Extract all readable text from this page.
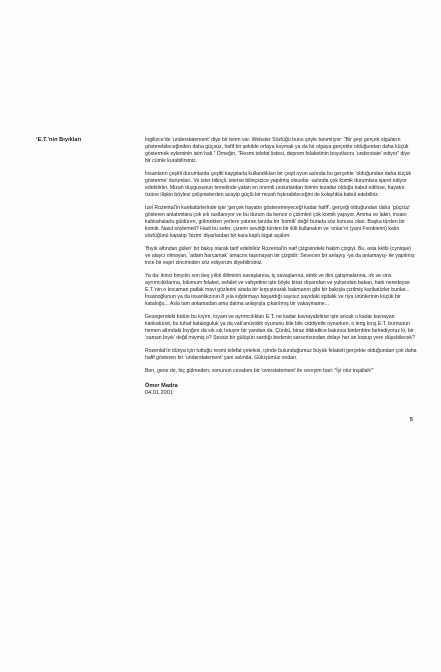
‘E.T.’nin Bıyıkları	İngilizce’de ‘understatement’ diye bir terim var. Webster Sözlüğü bunu şöyle tanımlıyor: “Bir şeyi gerçek olguların gösterebileceğinden daha güçsüz, hafif bir şekilde ortaya koymak ya da bir olgaya gerçekte olduğundan daha küçük göstermek eyleminin isim hali.” Örneğin, “Resmi telefat listesi, deprem felaketinin boyutlarını ‘understate’ ediyor” diye bir cümle kurabilirsiniz.

İnsanların çeşitli durumlarda çeşitli kaygılarla kullandıkları bir çeşit oyun aslında bu gerçekte ‘olduğundan daha küçük gösterme’ durumları. Ve ister bilinçli, isterse bilinçsizce yapılmış olsunlar -aslında çok komik durumlara işaret ediyor edebilirler. Mizah duygusunun temelinde yatan en önemli unsurlardan birinin tezatlar olduğu kabul edilirse, hayatın özüne ilişkin böylesi çelişmelerden acayip güçlü bir mizah fışkırabileceğini de kolaylıkla kabul edebiliriz.

İzel Rozental’in karikatürlerinde işte ‘gerçek hayatın gösteremeyeceği kadar hafif’, gerçeği olduğundan daha ‘güçsüz’ gösteren anlatımlara çok sık rastlanıyor ve bu durum da bence o çizimleri çok komik yapıyor. Amma ve lakin, insanı kahkahalarla güldüren, gülmekten yerlere yatıran tarzda bir ‘komik’ değil burada söz konusu olan. Başka türden bir komik. Nasıl söylemeli? Hadi bu sefer, çizerin sevdiği türden bir ikili kullanalım ve ‘onlar’ın (yani Frenklerin) kalın sözlüğünü kapatıp ‘bizim’ diyarlardan bir kara kaplı lügat açalım:

‘Bıyık altından gülen’ bir bakış olarak tarif edebiliriz Rozental’in naif çizgisindeki hakim çizgiyi. Bu, asla kelbi (cynique) ve alaycı olmayan, ‘adam harcamak’ amacını taşımayan bir çizgidir: Sevecen bir anlayış -ya da anlamayış- ile yapılmış ince bir espri zincirinden söz ediyorum diyebilirsiniz.

Ya da: ikinci binyılın son beş yıllık diliminin savaşlarına, iç savaşlarına, etnik ve dini çatışmalarına, ırk ve cins ayrımcılıklarına, bilumum felaket, sefalet ve vahşetine işte böyle biraz dışarıdan ve yukarıdan bakan, hani neredeyse E.T.’nin o kocaman patlak mavi gözlerini arada bir kırpıştırarak bakmanın gibi bir bakışla çizilmiş karikatürler bunlar... İnsanoğlunun ya da insanlıkzının 8 yıla sığdırmayı başardığı sayısız sayıdaki spitalik ve riya ürünlerinin küçük bir kataloğu... Asla tam anlamadan ama daima anlayışla çıkarılmış bir vakayiname...

Gezegendeki bütün bu kıyım, kıyam ve ayrımcılıkları E.T. ne kadar kavrayabilirse işte ancak o kadar kavrayan karikatürist, bu tuhaf kataloguluk ya da vak’anüvislik oyununu bile bile ciddiyetle oynarken, o leng kırış E.T. burnunun hemen altındaki bıyığını da sık sık tutuyor bir yandan da. Çünkü, biraz dikkatlice bakınca birdenbire farkediyoruz ki, bir ‘saman bıyık’ değil miymiş o? Sessiz bir gülüşün sardığı bedenin sarsıntısından dolayı her an kopup yere düşebilecek?

Rozental’in dünya için tuttuğu resmi telefat çetelesi, içinde bulunduğumuz büyük felaketi gerçekte olduğundan çok daha hafif gösteren bir ‘understatement’ yani aslında. Gülüşümüz ondan.

Ben, gene de, hiç gülmeden, sonunun cevabını bir ‘overstatement’ ile vereyim bari: “İyi olur inşallah!”

Ömer Madra
04.01.2001
5
